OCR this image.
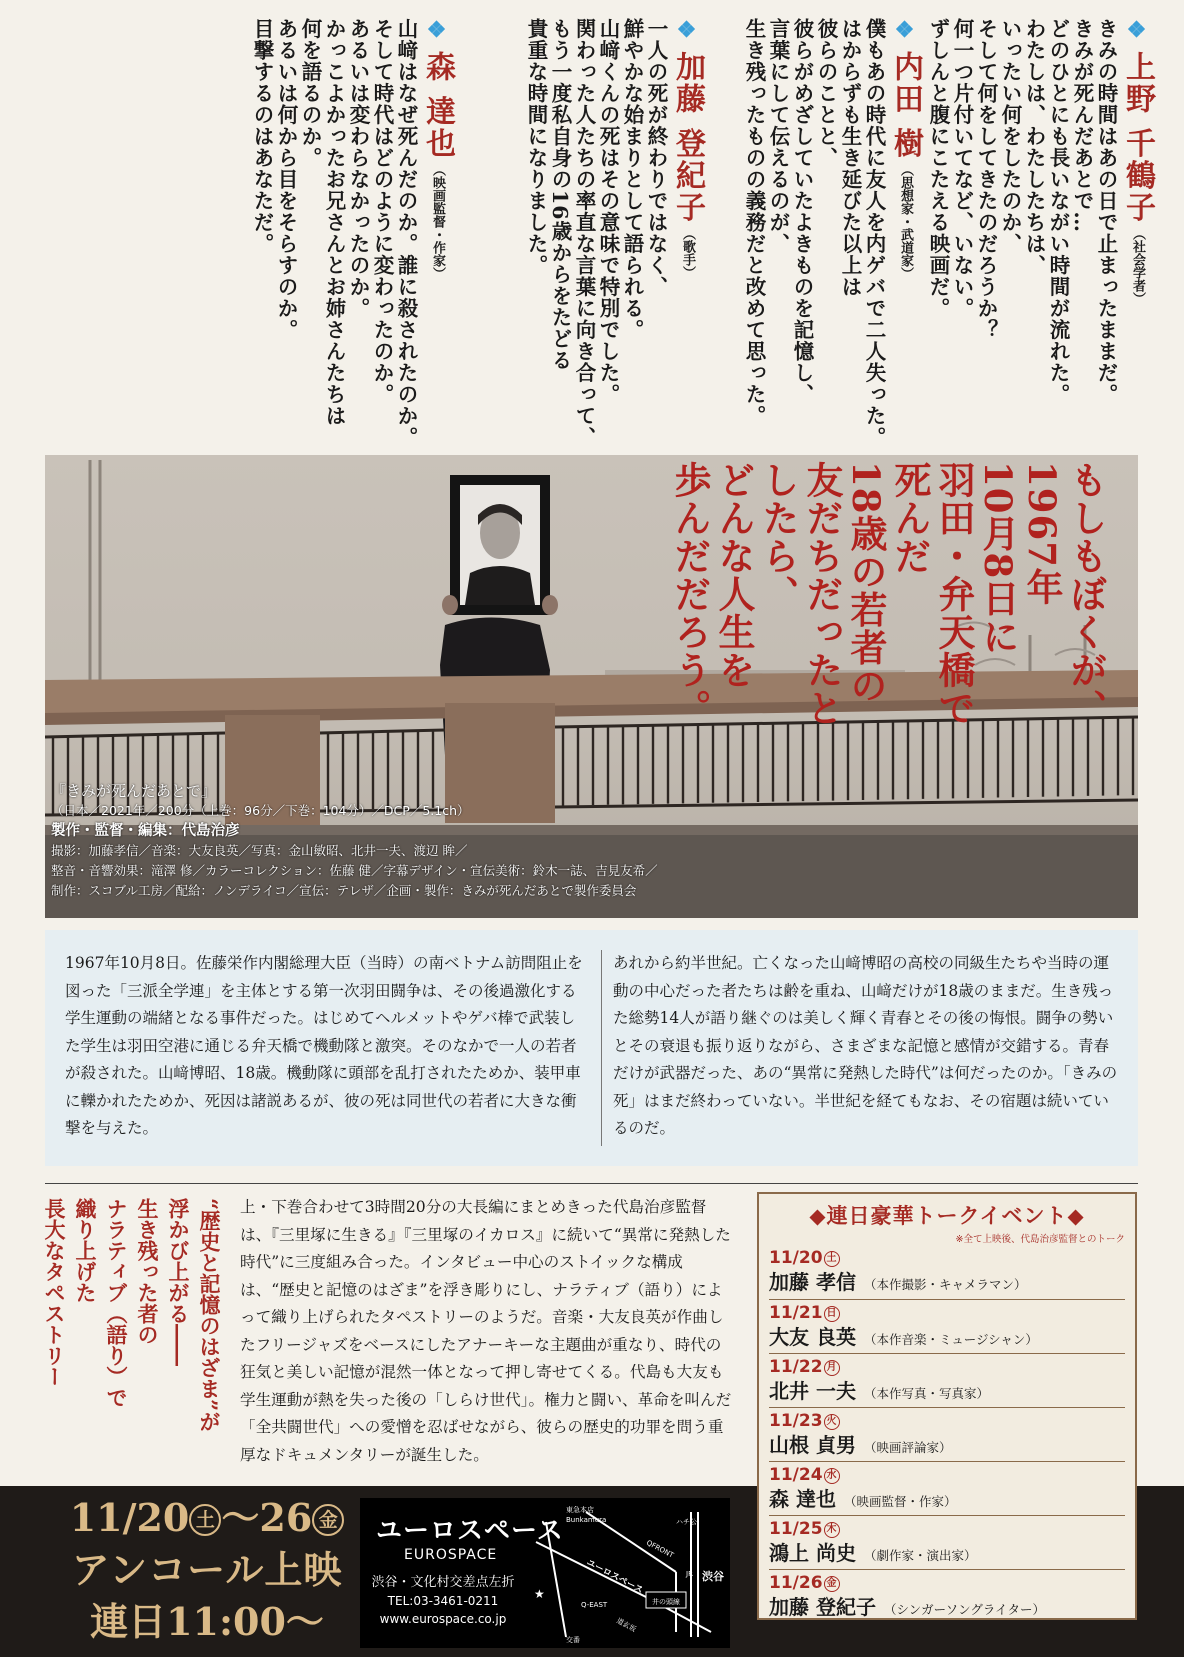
❖上野 千鶴子（社会学者）
きみの時間はあの日で止まったままだ。
きみが死んだあとで…
どのひとにも長いながい時間が流れた。
わたしは、わたしたちは、
いったい何をしたのか、
そして何をしてきたのだろうか？
何一つ片付いてなど、いない。
ずしんと腹にこたえる映画だ。
❖内田 樹（思想家・武道家）
僕もあの時代に友人を内ゲバで二人失った。
はからずも生き延びた以上は
彼らのことと、
彼らがめざしていたよきものを記憶し、
言葉にして伝えるのが、
生き残ったものの義務だと改めて思った。
❖加藤 登紀子（歌手）
一人の死が終わりではなく、
鮮やかな始まりとして語られる。
山﨑くんの死はその意味で特別でした。
関わった人たちの率直な言葉に向き合って、
もう一度私自身の16歳からをたどる
貴重な時間になりました。
❖森 達也（映画監督・作家）
山﨑はなぜ死んだのか。誰に殺されたのか。
そして時代はどのように変わったのか。
あるいは変わらなかったのか。
かっこよかったお兄さんとお姉さんたちは
何を語るのか。
あるいは何から目をそらすのか。
目撃するのはあなただ。
もしもぼくが、
1967年
10月8日に
羽田・弁天橋で
死んだ
18歳の若者の
友だちだったと
したら、
どんな人生を
歩んだだろう。
『きみが死んだあとで』
（日本／2021年／200分（上巻：96分／下巻：104分）／DCP／5.1ch）
製作・監督・編集：代島治彦
撮影：加藤孝信／音楽：大友良英／写真：金山敏昭、北井一夫、渡辺 眸／
整音・音響効果：滝澤 修／カラーコレクション：佐藤 健／字幕デザイン・宣伝美術：鈴木一誌、吉見友希／
制作：スコブル工房／配給：ノンデライコ／宣伝：テレザ／企画・製作：きみが死んだあとで製作委員会
1967年10月8日。佐藤栄作内閣総理大臣（当時）の南ベトナム訪問阻止を図った「三派全学連」を主体とする第一次羽田闘争は、その後過激化する学生運動の端緒となる事件だった。はじめてヘルメットやゲバ棒で武装した学生は羽田空港に通じる弁天橋で機動隊と激突。そのなかで一人の若者が殺された。山﨑博昭、18歳。機動隊に頭部を乱打されたためか、装甲車に轢かれたためか、死因は諸説あるが、彼の死は同世代の若者に大きな衝撃を与えた。
あれから約半世紀。亡くなった山﨑博昭の高校の同級生たちや当時の運動の中心だった者たちは齢を重ね、山﨑だけが18歳のままだ。生き残った総勢14人が語り継ぐのは美しく輝く青春とその後の悔恨。闘争の勢いとその衰退も振り返りながら、さまざまな記憶と感情が交錯する。青春だけが武器だった、あの“異常に発熱した時代”は何だったのか。「きみの死」はまだ終わっていない。半世紀を経てもなお、その宿題は続いているのだ。
“歴史と記憶のはざま”が
浮かび上がる――
生き残った者の
ナラティブ（語り）で
織り上げた
長大なタペストリー	上・下巻合わせて3時間20分の大長編にまとめきった代島治彦監督は、『三里塚に生きる』『三里塚のイカロス』に続いて“異常に発熱した時代”に三度組み合った。インタビュー中心のストイックな構成は、“歴史と記憶のはざま”を浮き彫りにし、ナラティブ（語り）によって織り上げられたタペストリーのようだ。音楽・大友良英が作曲したフリージャズをベースにしたアナーキーな主題曲が重なり、時代の狂気と美しい記憶が混然一体となって押し寄せてくる。代島も大友も学生運動が熱を失った後の「しらけ世代」。権力と闘い、革命を叫んだ「全共闘世代」への愛憎を忍ばせながら、彼らの歴史的功罪を問う重厚なドキュメンタリーが誕生した。
◆連日豪華トークイベント◆
※全て上映後、代島治彦監督とのトーク
11/20 土
加藤 孝信 （本作撮影・キャメラマン）
11/21 日
大友 良英 （本作音楽・ミュージシャン）
11/22 月
北井 一夫 （本作写真・写真家）
11/23 火
山根 貞男 （映画評論家）
11/24 水
森 達也 （映画監督・作家）
11/25 木
鴻上 尚史 （劇作家・演出家）
11/26 金
加藤 登紀子 （シンガーソングライター）
11/20 土 〜26 金
アンコール上映
連日11:00〜
ユーロスペース
EUROSPACE
渋谷・文化村交差点左折
TEL:03-3461-0211
www.eurospace.co.jp
井の頭線
東急本店
Bunkamura
ユーロスペース
QFRONT
渋谷
JR
ハチ公
道玄坂
Q-EAST
交番
★
